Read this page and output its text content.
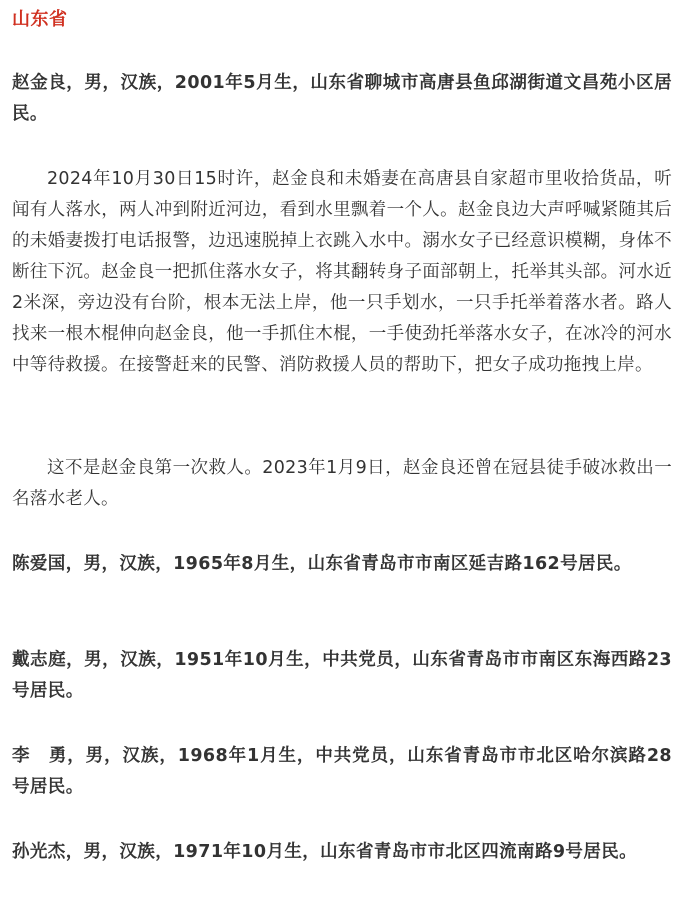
山东省

赵金良，男，汉族，2001年5月生，山东省聊城市高唐县鱼邱湖街道文昌苑小区居民。

2024年10月30日15时许，赵金良和未婚妻在高唐县自家超市里收拾货品，听闻有人落水，两人冲到附近河边，看到水里飘着一个人。赵金良边大声呼喊紧随其后的未婚妻拨打电话报警，边迅速脱掉上衣跳入水中。溺水女子已经意识模糊，身体不断往下沉。赵金良一把抓住落水女子，将其翻转身子面部朝上，托举其头部。河水近2米深，旁边没有台阶，根本无法上岸，他一只手划水，一只手托举着落水者。路人找来一根木棍伸向赵金良，他一手抓住木棍，一手使劲托举落水女子，在冰冷的河水中等待救援。在接警赶来的民警、消防救援人员的帮助下，把女子成功拖拽上岸。

这不是赵金良第一次救人。2023年1月9日，赵金良还曾在冠县徒手破冰救出一名落水老人。

陈爱国，男，汉族，1965年8月生，山东省青岛市市南区延吉路162号居民。

戴志庭，男，汉族，1951年10月生，中共党员，山东省青岛市市南区东海西路23号居民。

李　勇，男，汉族，1968年1月生，中共党员，山东省青岛市市北区哈尔滨路28号居民。

孙光杰，男，汉族，1971年10月生，山东省青岛市市北区四流南路9号居民。
